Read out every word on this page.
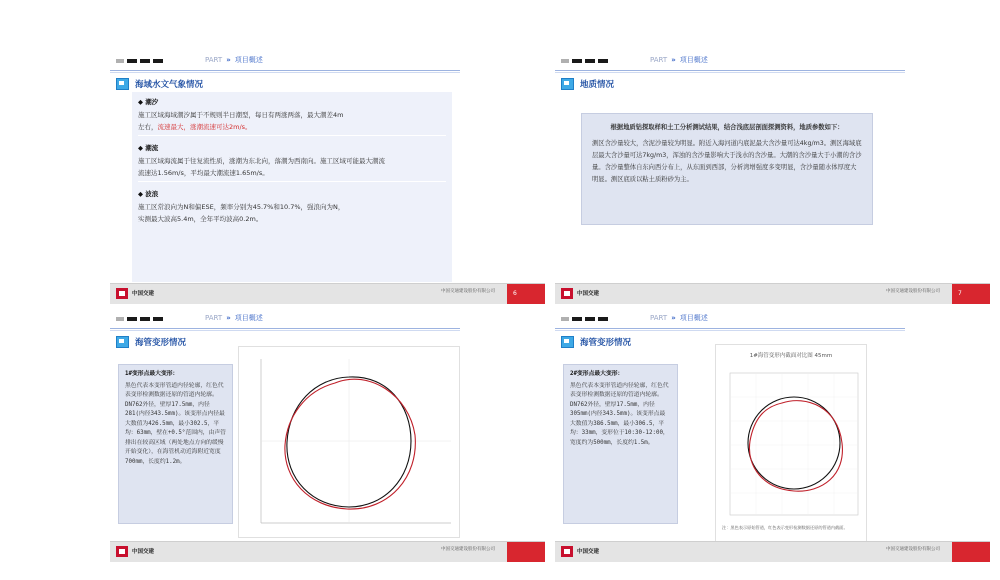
PART » 项目概述
海域水文气象情况
◆ 潮汐
施工区域海域潮汐属于不规则半日潮型，每日有两涨两落，最大潮差4m
左右，流速最大，涨潮流速可达2m/s。
◆ 潮流
施工区域海流属于往复流性质，涨潮为东北向，落潮为西南向。施工区域可能最大潮流
流速达1.56m/s，平均最大潮流速1.65m/s。
◆ 波浪
施工区常浪向为N和偏ESE，频率分别为45.7%和10.7%，强浪向为N，
实测最大波高5.4m，全年平均波高0.2m。
中国交建	中国交通建设股份有限公司	6
PART » 项目概述
地质情况

根据地质钻探取样和土工分析测试结果，结合浅底层剖面探测资料，地质参数如下：

测区含沙量较大，含泥沙量较为明显。附近入海河道内底泥最大含沙量可达4kg/m3。测区海域底层最大含沙量可达7kg/m3，浑浊的含沙量影响大于浅水的含沙量。大潮的含沙量大于小潮的含沙量。含沙量整体自东向西分布上，从东面到西部，分析湾增强度多变明显，含沙量随水体厚度大明显。测区底质以粘土质粉砂为主。

中国交建	中国交通建设股份有限公司	7
PART » 项目概述
海管变形情况
1#变形点最大变形：
黑色代表本变形管道内径轮廓，红色代表变形检测数据还原的管道内轮廓。
DN762外径，壁厚17.5mm，内径281(内径343.5mm)。该变形点内径最大数值为426.5mm，最小302.5，平均：63mm，壁在+0.5°范围内，由声管排出在较高区域（两处地点方向的缓慢开始变化），在海管机动近海附近宽度700mm，长度约1.2m。
中国交建	中国交通建设股份有限公司
PART » 项目概述
海管变形情况
2#变形点最大变形：
黑色代表本变形管道内径轮廓，红色代表变形检测数据还原的管道内轮廓。
DN762外径，壁厚17.5mm，内径305mm(内径343.5mm)。该变形点最大数值为386.5mm，最小306.5，平均：33mm，变形位于10:30-12:00，宽度约为500mm，长度约1.5m。
1#海管变形内截面对比图 45mm
注：黑色表示原始管道，红色表示变形检测数据还原的管道内截面。
中国交建	中国交通建设股份有限公司
